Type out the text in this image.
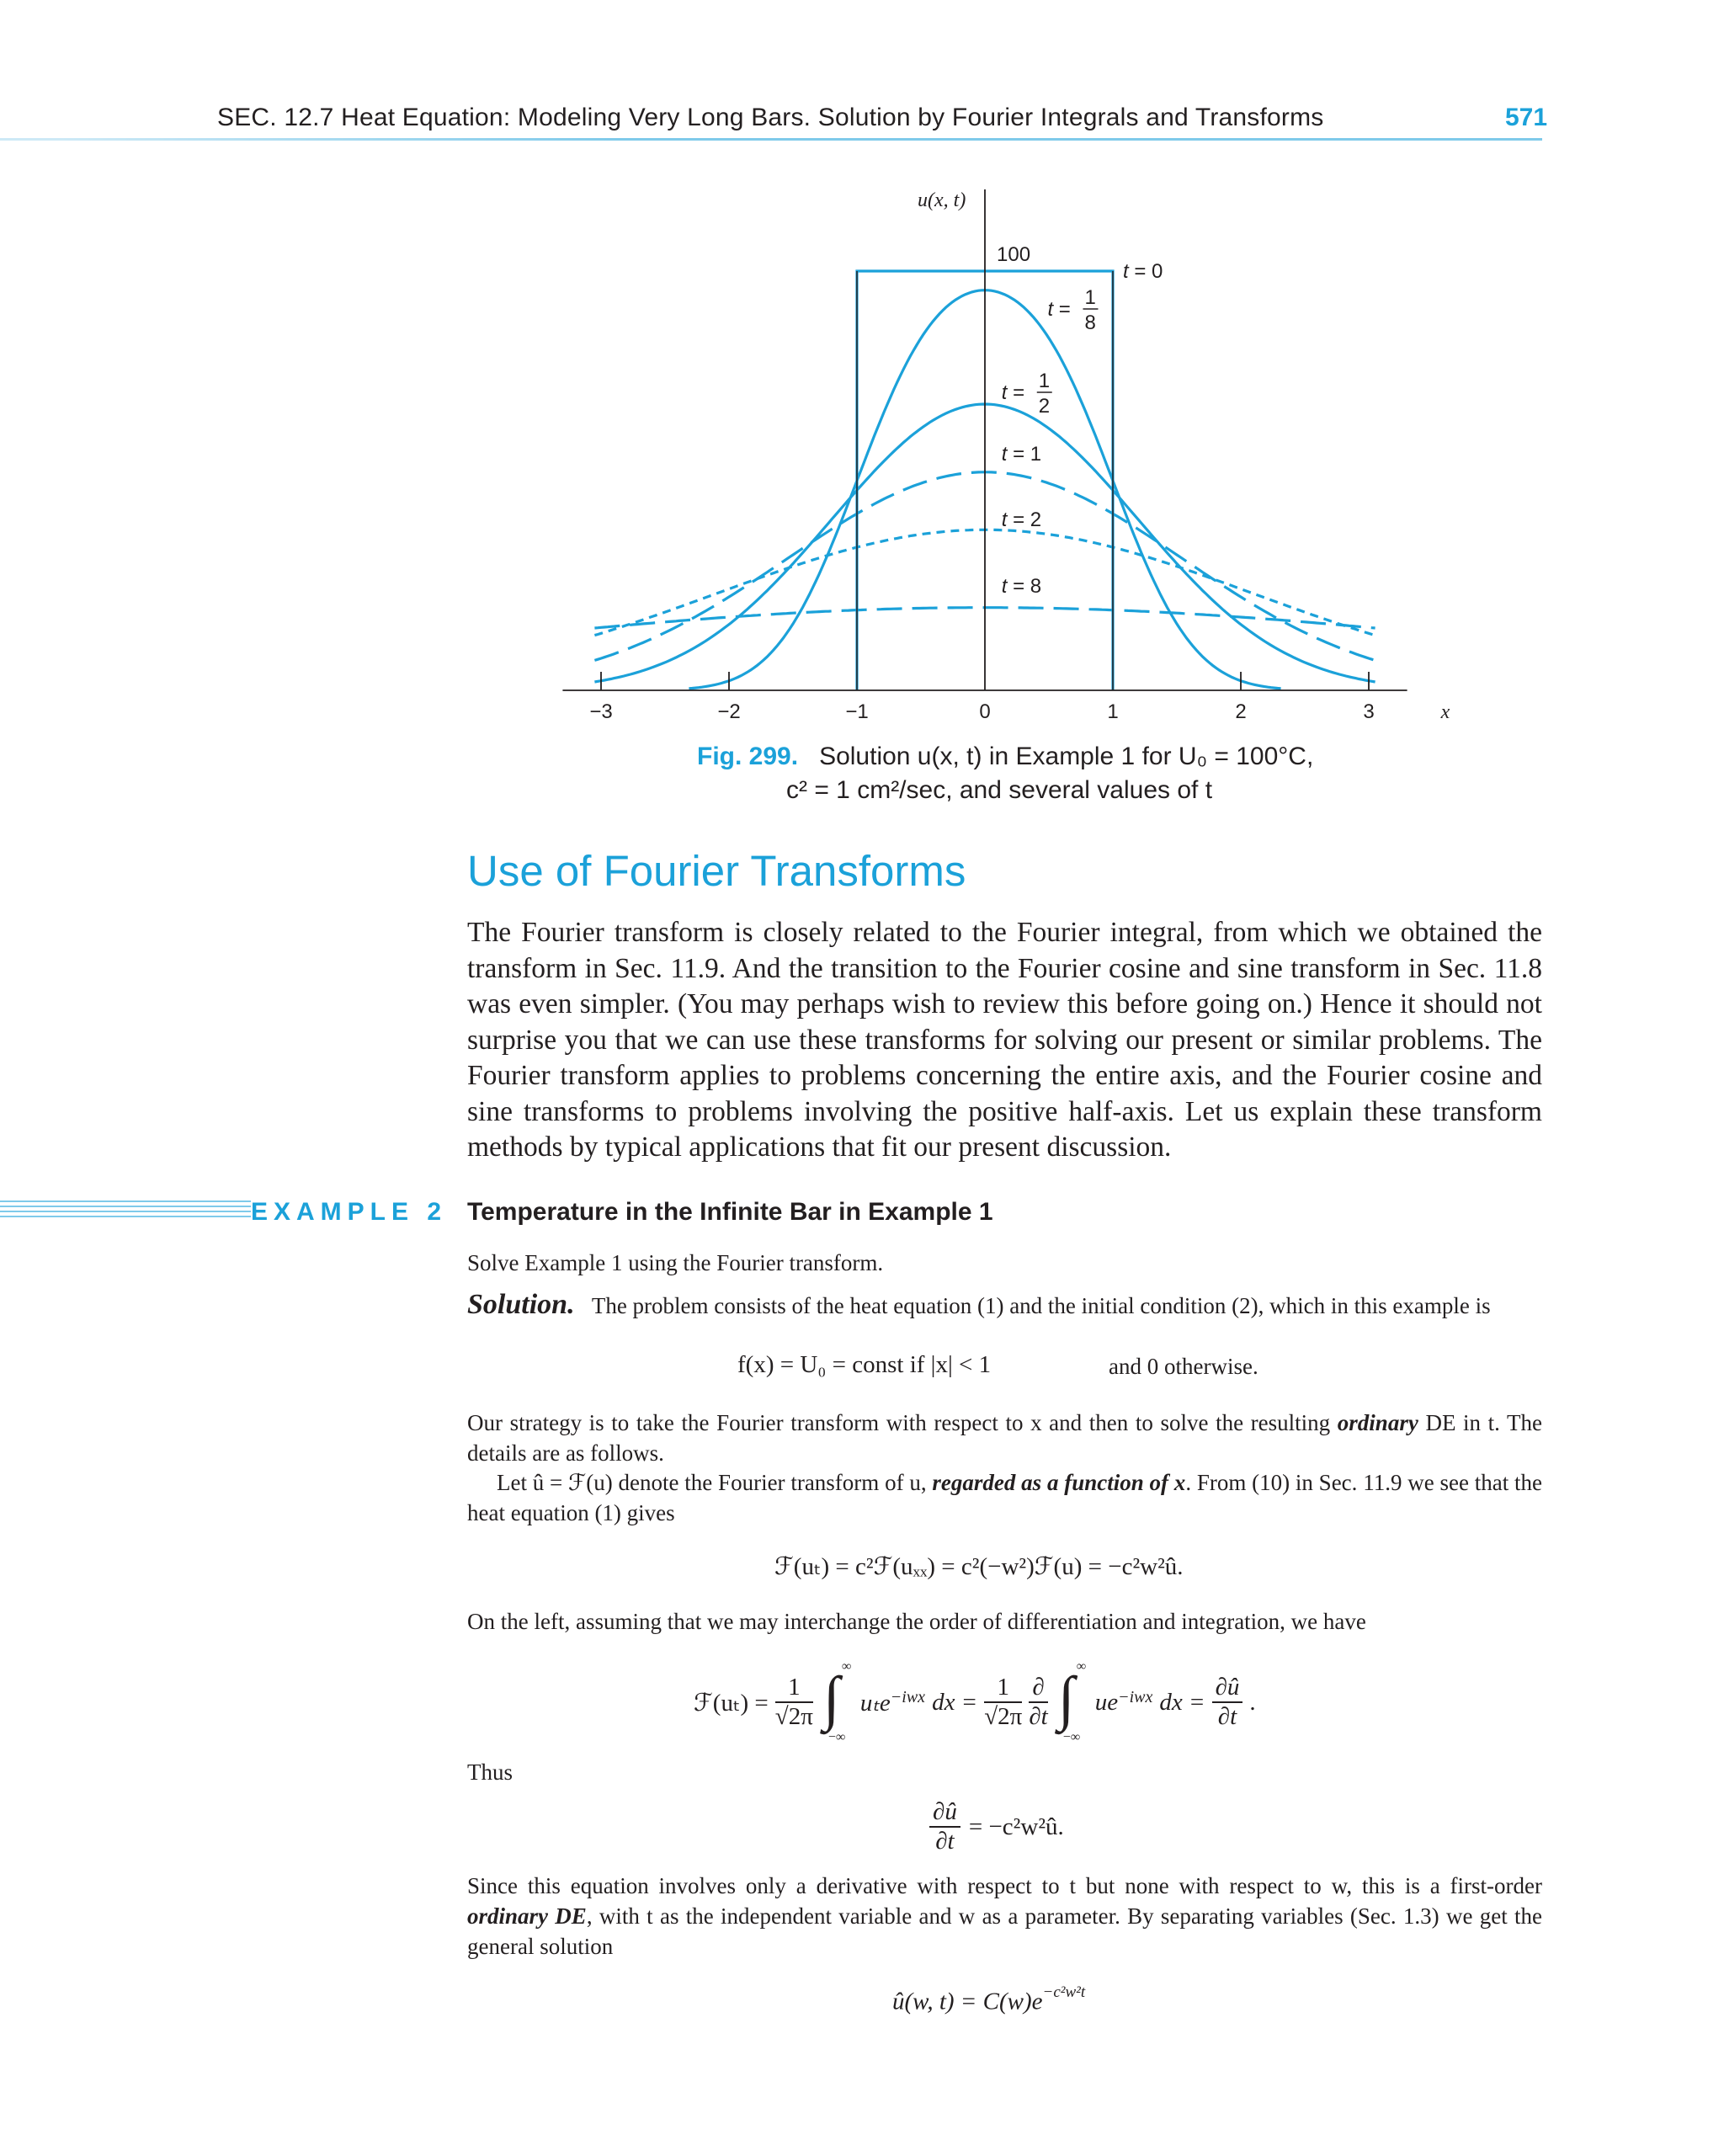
SEC. 12.7 Heat Equation: Modeling Very Long Bars. Solution by Fourier Integrals and Transforms	571
−3	−2	−1	0	1	2	3	x
u(x, t)
100
t = 0
t =
1
8
t =
1
2
t = 1
t = 2
t = 8
Fig. 299. Solution u(x, t) in Example 1 for U₀ = 100°C,
c² = 1 cm²/sec, and several values of t
Use of Fourier Transforms
The Fourier transform is closely related to the Fourier integral, from which we obtained the transform in Sec. 11.9. And the transition to the Fourier cosine and sine transform in Sec. 11.8 was even simpler. (You may perhaps wish to review this before going on.) Hence it should not surprise you that we can use these transforms for solving our present or similar problems. The Fourier transform applies to problems concerning the entire axis, and the Fourier cosine and sine transforms to problems involving the positive half-axis. Let us explain these transform methods by typical applications that fit our present discussion.
EXAMPLE 2 Temperature in the Infinite Bar in Example 1
Solve Example 1 using the Fourier transform.
Solution. The problem consists of the heat equation (1) and the initial condition (2), which in this example is
f(x) = U₀ = const if |x| < 1	and 0 otherwise.
Our strategy is to take the Fourier transform with respect to x and then to solve the resulting ordinary DE in t. The details are as follows.
Let û = ℱ(u) denote the Fourier transform of u, regarded as a function of x. From (10) in Sec. 11.9 we see that the heat equation (1) gives
ℱ(uₜ) = c²ℱ(uₓₓ) = c²(−w²)ℱ(u) = −c²w²û.
On the left, assuming that we may interchange the order of differentiation and integration, we have
ℱ(uₜ) = $\frac{1}{√2\pi}$ ∫ ∞
−∞
uₜe$^{-iwx}$ dx = $\frac{1}{√2\pi} \frac{\partial}{\partial t}$ ∫ ∞
−∞
$ue^{-iwx}$ dx = $\frac{\partial û}{\partial t}$ .
Thus
$\frac{\partial û}{\partial t}$ = −c²w²û.
Since this equation involves only a derivative with respect to t but none with respect to w, this is a first-order ordinary DE, with t as the independent variable and w as a parameter. By separating variables (Sec. 1.3) we get the general solution
û(w, $t) = C(w)e^{-c^2w^2t}$
